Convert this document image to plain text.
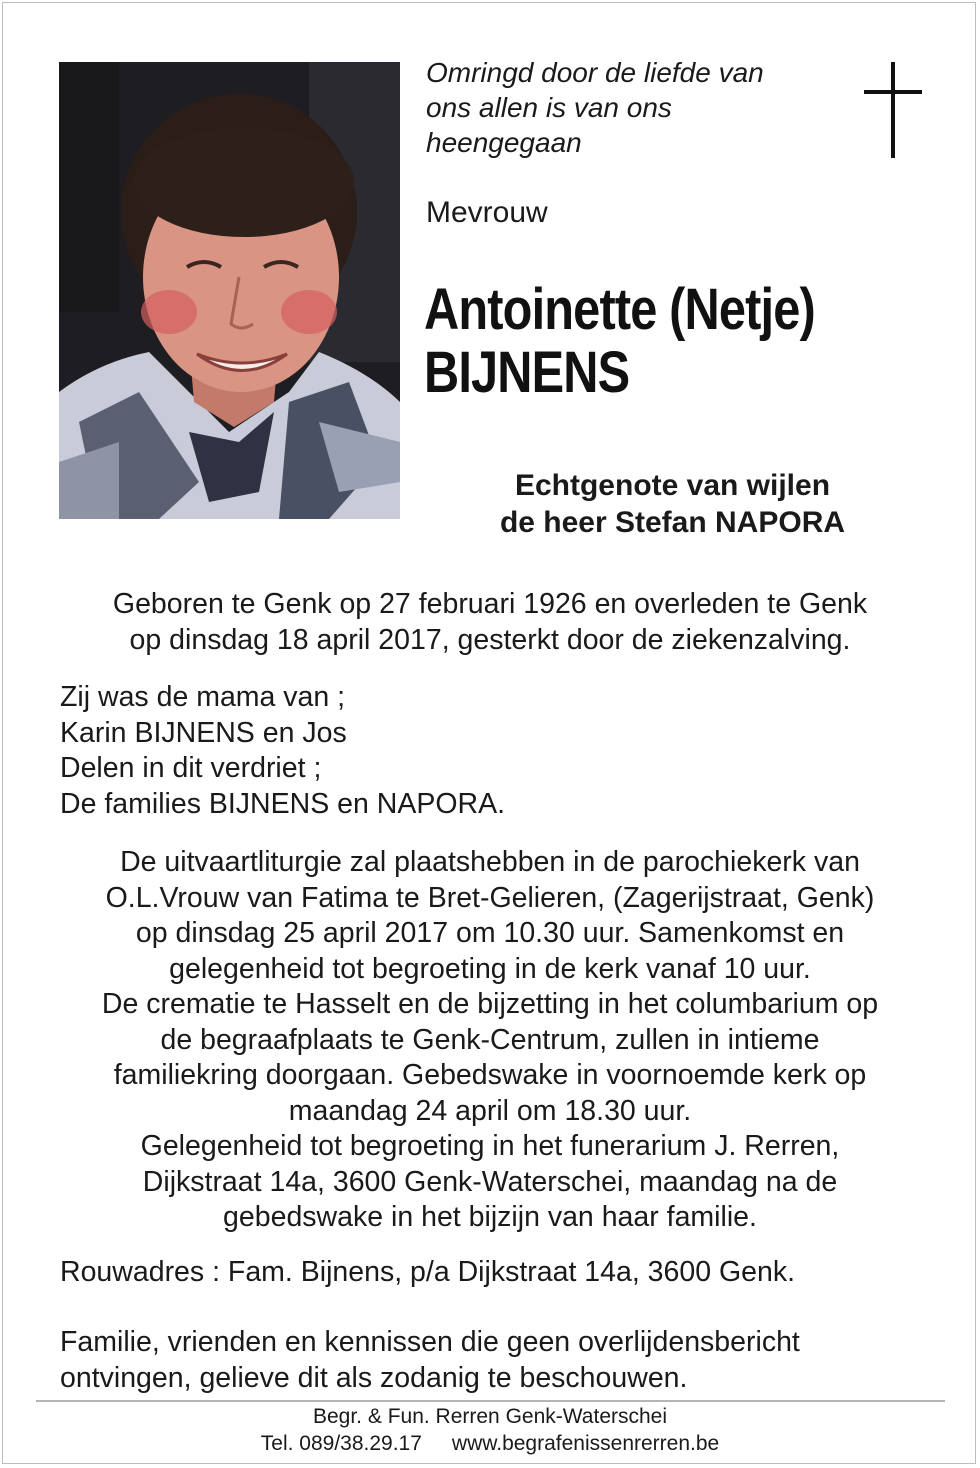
Omringd door de liefde van
ons allen is van ons
heengegaan
Mevrouw
Antoinette (Netje)
BIJNENS
Echtgenote van wijlen
de heer Stefan NAPORA
Geboren te Genk op 27 februari 1926 en overleden te Genk
op dinsdag 18 april 2017, gesterkt door de ziekenzalving.
Zij was de mama van ;
Karin BIJNENS en Jos
Delen in dit verdriet ;
De families BIJNENS en NAPORA.
De uitvaartliturgie zal plaatshebben in de parochiekerk van
O.L.Vrouw van Fatima te Bret-Gelieren, (Zagerijstraat, Genk)
op dinsdag 25 april 2017 om 10.30 uur. Samenkomst en
gelegenheid tot begroeting in de kerk vanaf 10 uur.
De crematie te Hasselt en de bijzetting in het columbarium op
de begraafplaats te Genk-Centrum, zullen in intieme
familiekring doorgaan. Gebedswake in voornoemde kerk op
maandag 24 april om 18.30 uur.
Gelegenheid tot begroeting in het funerarium J. Rerren,
Dijkstraat 14a, 3600 Genk-Waterschei, maandag na de
gebedswake in het bijzijn van haar familie.
Rouwadres : Fam. Bijnens, p/a Dijkstraat 14a, 3600 Genk.
Familie, vrienden en kennissen die geen overlijdensbericht
ontvingen, gelieve dit als zodanig te beschouwen.
Begr. & Fun. Rerren Genk-Waterschei
Tel. 089/38.29.17 www.begrafenissenrerren.be
